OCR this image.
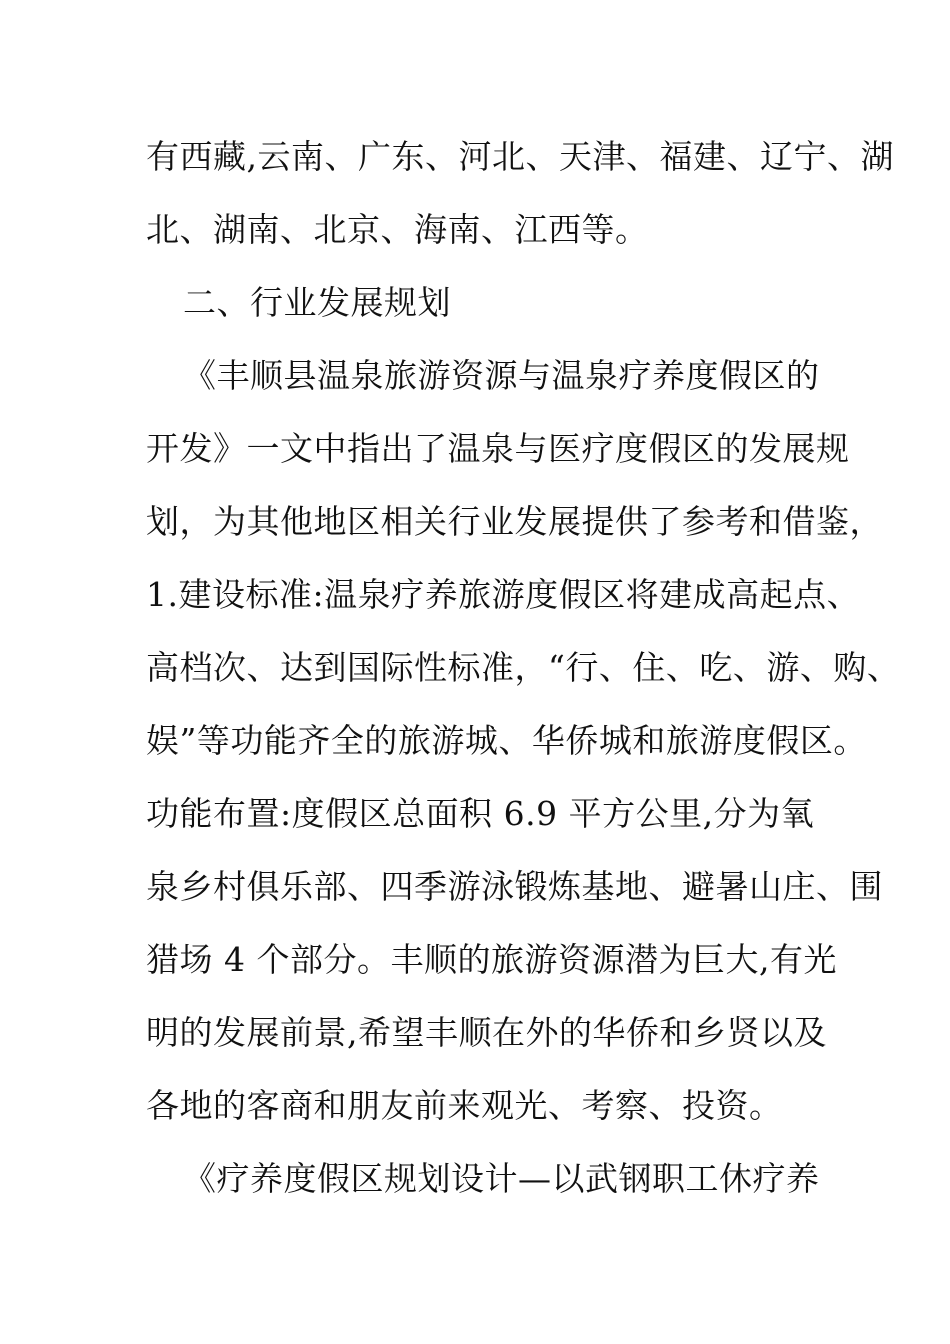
有西藏,云南、广东、河北、天津、福建、辽宁、湖
北、湖南、北京、海南、江西等。
二、行业发展规划
《丰顺县温泉旅游资源与温泉疗养度假区的
开发》一文中指出了温泉与医疗度假区的发展规
划，为其他地区相关行业发展提供了参考和借鉴，
1.建设标准:温泉疗养旅游度假区将建成高起点、
高档次、达到国际性标准，“行、住、吃、游、购、
娱”等功能齐全的旅游城、华侨城和旅游度假区。
功能布置:度假区总面积 6.9 平方公里,分为氧
泉乡村俱乐部、四季游泳锻炼基地、避暑山庄、围
猎场 4 个部分。丰顺的旅游资源潜为巨大,有光
明的发展前景,希望丰顺在外的华侨和乡贤以及
各地的客商和朋友前来观光、考察、投资。
《疗养度假区规划设计—以武钢职工休疗养
